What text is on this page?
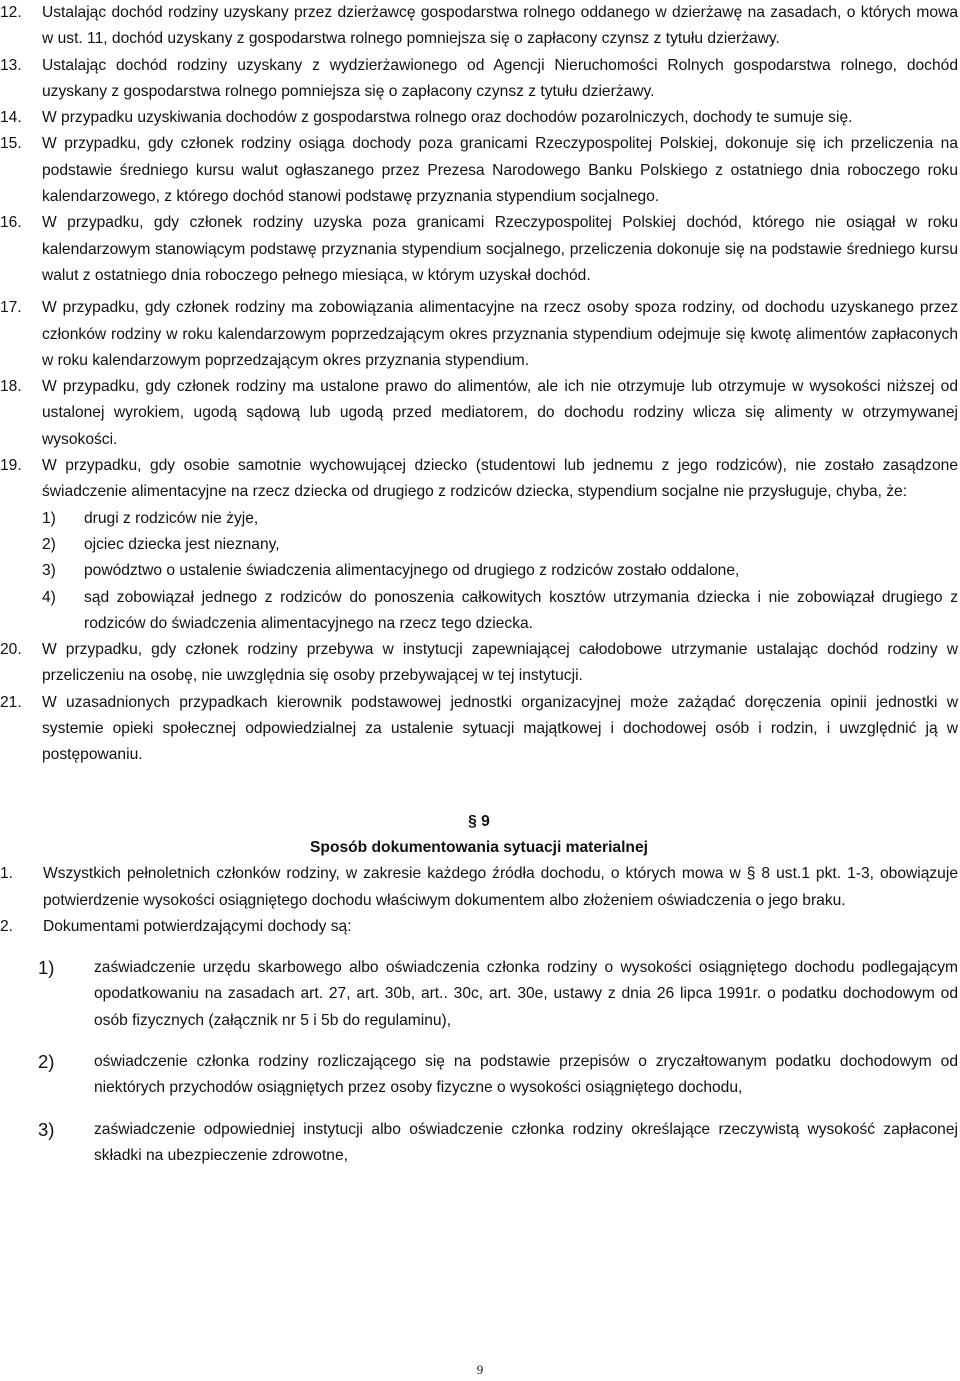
12.	Ustalając dochód rodziny uzyskany przez dzierżawcę gospodarstwa rolnego oddanego w dzierżawę na zasadach, o których mowa w ust. 11, dochód uzyskany z gospodarstwa rolnego pomniejsza się o zapłacony czynsz z tytułu dzierżawy.
13.	Ustalając dochód rodziny uzyskany z wydzierżawionego od Agencji Nieruchomości Rolnych gospodarstwa rolnego, dochód uzyskany z gospodarstwa rolnego pomniejsza się o zapłacony czynsz z tytułu dzierżawy.
14.	W przypadku uzyskiwania dochodów z gospodarstwa rolnego oraz dochodów pozarolniczych, dochody te sumuje się.
15.	W przypadku, gdy członek rodziny osiąga dochody poza granicami Rzeczypospolitej Polskiej, dokonuje się ich przeliczenia na podstawie średniego kursu walut ogłaszanego przez Prezesa Narodowego Banku Polskiego z ostatniego dnia roboczego roku kalendarzowego, z którego dochód stanowi podstawę przyznania stypendium socjalnego.
16.	W przypadku, gdy członek rodziny uzyska poza granicami Rzeczypospolitej Polskiej dochód, którego nie osiągał w roku kalendarzowym stanowiącym podstawę przyznania stypendium socjalnego, przeliczenia dokonuje się na podstawie średniego kursu walut z ostatniego dnia roboczego pełnego miesiąca, w którym uzyskał dochód.
17.	W przypadku, gdy członek rodziny ma zobowiązania alimentacyjne na rzecz osoby spoza rodziny, od dochodu uzyskanego przez członków rodziny w roku kalendarzowym poprzedzającym okres przyznania stypendium odejmuje się kwotę alimentów zapłaconych w roku kalendarzowym poprzedzającym okres przyznania stypendium.
18.	W przypadku, gdy członek rodziny ma ustalone prawo do alimentów, ale ich nie otrzymuje lub otrzymuje w wysokości niższej od ustalonej wyrokiem, ugodą sądową lub ugodą przed mediatorem, do dochodu rodziny wlicza się alimenty w otrzymywanej wysokości.
19.	W przypadku, gdy osobie samotnie wychowującej dziecko (studentowi lub jednemu z jego rodziców), nie zostało zasądzone świadczenie alimentacyjne na rzecz dziecka od drugiego z rodziców dziecka, stypendium socjalne nie przysługuje, chyba, że:
1)	drugi z rodziców nie żyje,
2)	ojciec dziecka jest nieznany,
3)	powództwo o ustalenie świadczenia alimentacyjnego od drugiego z rodziców zostało oddalone,
4)	sąd zobowiązał jednego z rodziców do ponoszenia całkowitych kosztów utrzymania dziecka i nie zobowiązał drugiego z rodziców do świadczenia alimentacyjnego na rzecz tego dziecka.
20.	W przypadku, gdy członek rodziny przebywa w instytucji zapewniającej całodobowe utrzymanie ustalając dochód rodziny w przeliczeniu na osobę, nie uwzględnia się osoby przebywającej w tej instytucji.
21.	W uzasadnionych przypadkach kierownik podstawowej jednostki organizacyjnej może zażądać doręczenia opinii jednostki w systemie opieki społecznej odpowiedzialnej za ustalenie sytuacji majątkowej i dochodowej osób i rodzin, i uwzględnić ją w postępowaniu.
§ 9
Sposób dokumentowania sytuacji materialnej
1.	Wszystkich pełnoletnich członków rodziny, w zakresie każdego źródła dochodu, o których mowa w § 8 ust.1 pkt. 1-3, obowiązuje potwierdzenie wysokości osiągniętego dochodu właściwym dokumentem albo złożeniem oświadczenia o jego braku.
2.	Dokumentami potwierdzającymi dochody są:
1)	zaświadczenie urzędu skarbowego albo oświadczenia członka rodziny o wysokości osiągniętego dochodu podlegającym opodatkowaniu na zasadach art. 27, art. 30b, art.. 30c, art. 30e, ustawy z dnia 26 lipca 1991r. o podatku dochodowym od osób fizycznych (załącznik nr 5 i 5b do regulaminu),
2)	oświadczenie członka rodziny rozliczającego się na podstawie przepisów o zryczałtowanym podatku dochodowym od niektórych przychodów osiągniętych przez osoby fizyczne o wysokości osiągniętego dochodu,
3)	zaświadczenie odpowiedniej instytucji albo oświadczenie członka rodziny określające rzeczywistą wysokość zapłaconej składki na ubezpieczenie zdrowotne,
9
